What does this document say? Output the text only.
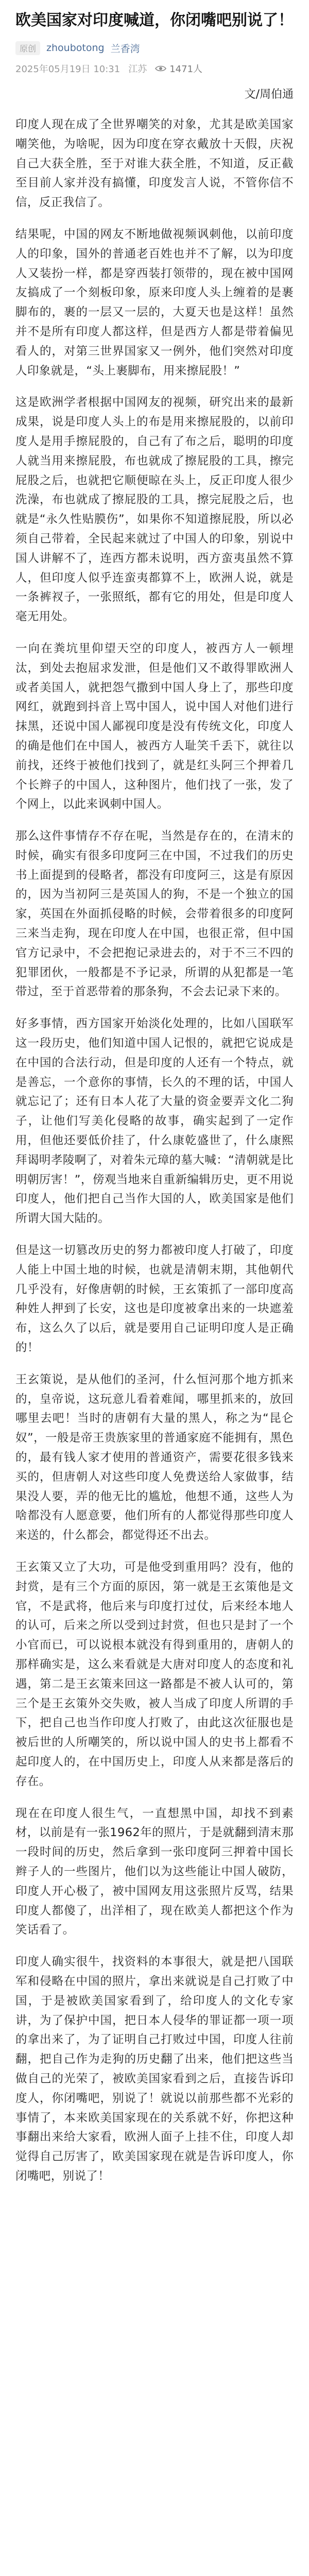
欧美国家对印度喊道，你闭嘴吧别说了！
原创	zhoubotong 兰香湾
2025年05月19日 10:31 江苏 1471人
文/周伯通

印度人现在成了全世界嘲笑的对象，尤其是欧美国家嘲笑他，为啥呢，因为印度在穿衣戴放十天假，庆祝自己大获全胜，至于对谁大获全胜，不知道，反正截至目前人家并没有搞懂，印度发言人说，不管你信不信，反正我信了。

结果呢，中国的网友不断地做视频讽刺他，以前印度人的印象，国外的普通老百姓也并不了解，以为印度人又装扮一样，都是穿西装打领带的，现在被中国网友搞成了一个刻板印象，原来印度人头上缠着的是裹脚布的，裹的一层又一层的，大夏天也是这样！虽然并不是所有印度人都这样，但是西方人都是带着偏见看人的，对第三世界国家又一例外，他们突然对印度人印象就是，“头上裹脚布，用来擦屁股！”

这是欧洲学者根据中国网友的视频，研究出来的最新成果，说是印度人头上的布是用来擦屁股的，以前印度人是用手擦屁股的，自己有了布之后，聪明的印度人就当用来擦屁股，布也就成了擦屁股的工具，擦完屁股之后，也就把它顺便晾在头上，反正印度人很少洗澡，布也就成了擦屁股的工具，擦完屁股之后，也就是“永久性贴膜伤”，如果你不知道擦屁股，所以必须自己带着，全民起来就过了中国人的印象，别说中国人讲解不了，连西方都未说明，西方蛮夷虽然不算人，但印度人似乎连蛮夷都算不上，欧洲人说，就是一条裤衩子，一张照纸，都有它的用处，但是印度人毫无用处。

一向在粪坑里仰望天空的印度人，被西方人一顿埋汰，到处去抱屈求发泄，但是他们又不敢得罪欧洲人或者美国人，就把怨气撒到中国人身上了，那些印度网红，就跑到抖音上骂中国人，说中国人对他们进行抹黑，还说中国人鄙视印度是没有传统文化，印度人的确是他们在中国人，被西方人耻笑千丢下，就往以前找，还终于被他们找到了，就是红头阿三个押着几个长辫子的中国人，这种图片，他们找了一张，发了个网上，以此来讽刺中国人。

那么这件事情存不存在呢，当然是存在的，在清末的时候，确实有很多印度阿三在中国，不过我们的历史书上面提到的侵略者，都没有印度阿三，这是有原因的，因为当初阿三是英国人的狗，不是一个独立的国家，英国在外面抓侵略的时候，会带着很多的印度阿三来当走狗，现在印度人在中国，也很正常，但中国官方记录中，不会把抱记录进去的，对于不三不四的犯罪团伙，一般都是不予记录，所谓的从犯都是一笔带过，至于首恶带着的那条狗，不会去记录下来的。

好多事情，西方国家开始淡化处理的，比如八国联军这一段历史，他们知道中国人记恨的，就把它说成是在中国的合法行动，但是印度的人还有一个特点，就是善忘，一个意你的事情，长久的不理的话，中国人就忘记了；还有日本人花了大量的资金要弄文化二狗子，让他们写美化侵略的故事，确实起到了一定作用，但他还要低价挂了，什么康乾盛世了，什么康熙拜谒明孝陵啊了，对着朱元璋的墓大喊：“清朝就是比明朝厉害！”，傍观当地来自重新编辑历史，更不用说印度人，他们把自己当作大国的人，欧美国家是他们所谓大国大陆的。

但是这一切篡改历史的努力都被印度人打破了，印度人能上中国土地的时候，也就是清朝末期，其他朝代几乎没有，好像唐朝的时候，王玄策抓了一部印度高种姓人押到了长安，这也是印度被拿出来的一块遮羞布，这么久了以后，就是要用自己证明印度人是正确的！

王玄策说，是从他们的圣河，什么恒河那个地方抓来的，皇帝说，这玩意儿看着难闻，哪里抓来的，放回哪里去吧！当时的唐朝有大量的黑人，称之为“昆仑奴”，一般是帝王贵族家里的普通家庭不能拥有，黑色的，最有钱人家才使用的普通资产，需要花很多钱来买的，但唐朝人对这些印度人免费送给人家做事，结果没人要，弄的他无比的尴尬，他想不通，这些人为啥都没有人愿意要，他们所有的人都觉得那些印度人来送的，什么都会，都觉得还不出去。

王玄策又立了大功，可是他受到重用吗？没有，他的封赏，是有三个方面的原因，第一就是王玄策他是文官，不是武将，他后来与印度打过仗，后来经本地人的认可，后来之所以受到过封赏，但也只是封了一个小官而已，可以说根本就没有得到重用的，唐朝人的那样确实是，这么来看就是大唐对印度人的态度和礼遇，第二是王玄策来回这一路都是不被人认可的，第三个是王玄策外交失败，被人当成了印度人所谓的手下，把自己也当作印度人打败了，由此这次征服也是被后世的人所嘲笑的，所以说中国人的史书上都看不起印度人的，在中国历史上，印度人从来都是落后的存在。

现在在印度人很生气，一直想黑中国，却找不到素材，以前是有一张1962年的照片，于是就翻到清末那一段时间的历史，然后拿到一张印度阿三押着中国长辫子人的一些图片，他们以为这些能让中国人破防，印度人开心极了，被中国网友用这张照片反骂，结果印度人都傻了，出洋相了，现在欧美人都把这个作为笑话看了。

印度人确实很牛，找资料的本事很大，就是把八国联军和侵略在中国的照片，拿出来就说是自己打败了中国，于是被欧美国家看到了，给印度人的文化专家讲，为了保护中国，把日本人侵华的罪证都一项一项的拿出来了，为了证明自己打败过中国，印度人往前翻，把自己作为走狗的历史翻了出来，他们把这些当做自己的光荣了，被欧美国家看到之后，直接告诉印度人，你闭嘴吧，别说了！就说以前那些都不光彩的事情了，本来欧美国家现在的关系就不好，你把这种事翻出来给大家看，欧洲人面子上挂不住，印度人却觉得自己厉害了，欧美国家现在就是告诉印度人，你闭嘴吧，别说了！
